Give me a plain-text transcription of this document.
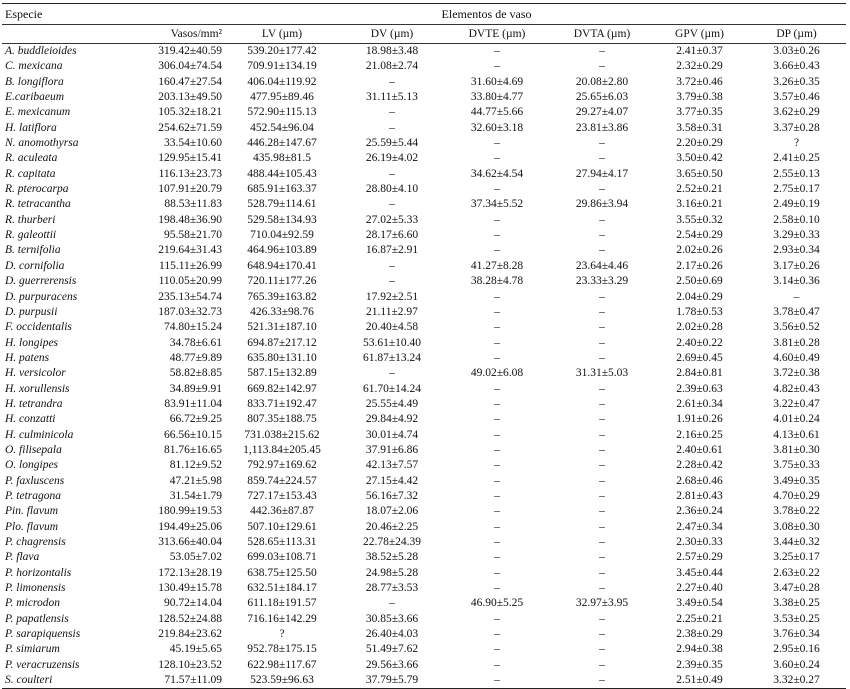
Especie	Elementos de vaso						
	Vasos/mm²	LV (µm)	DV (µm)	DVTE (µm)	DVTA (µm)	GPV (µm)	DP (µm)
A. buddleioides	319.42±40.59	539.20±177.42	18.98±3.48	–	–	2.41±0.37	3.03±0.26
C. mexicana	306.04±74.54	709.91±134.19	21.08±2.74	–	–	2.32±0.29	3.66±0.43
B. longiflora	160.47±27.54	406.04±119.92	–	31.60±4.69	20.08±2.80	3.72±0.46	3.26±0.35
E.caribaeum	203.13±49.50	477.95±89.46	31.11±5.13	33.80±4.77	25.65±6.03	3.79±0.38	3.57±0.46
E. mexicanum	105.32±18.21	572.90±115.13	–	44.77±5.66	29.27±4.07	3.77±0.35	3.62±0.29
H. latiflora	254.62±71.59	452.54±96.04	–	32.60±3.18	23.81±3.86	3.58±0.31	3.37±0.28
N. anomothyrsa	33.54±10.60	446.28±147.67	25.59±5.44	–	–	2.20±0.29	?
R. aculeata	129.95±15.41	435.98±81.5	26.19±4.02	–	–	3.50±0.42	2.41±0.25
R. capitata	116.13±23.73	488.44±105.43	–	34.62±4.54	27.94±4.17	3.65±0.50	2.55±0.13
R. pterocarpa	107.91±20.79	685.91±163.37	28.80±4.10	–	–	2.52±0.21	2.75±0.17
R. tetracantha	88.53±11.83	528.79±114.61	–	37.34±5.52	29.86±3.94	3.16±0.21	2.49±0.19
R. thurberi	198.48±36.90	529.58±134.93	27.02±5.33	–	–	3.55±0.32	2.58±0.10
R. galeottii	95.58±21.70	710.04±92.59	28.17±6.60	–	–	2.54±0.29	3.29±0.33
B. ternifolia	219.64±31.43	464.96±103.89	16.87±2.91	–	–	2.02±0.26	2.93±0.34
D. cornifolia	115.11±26.99	648.94±170.41	–	41.27±8.28	23.64±4.46	2.17±0.26	3.17±0.26
D. guerrerensis	110.05±20.99	720.11±177.26	–	38.28±4.78	23.33±3.29	2.50±0.69	3.14±0.36
D. purpuracens	235.13±54.74	765.39±163.82	17.92±2.51	–	–	2.04±0.29	–
D. purpusii	187.03±32.73	426.33±98.76	21.11±2.97	–	–	1.78±0.53	3.78±0.47
F. occidentalis	74.80±15.24	521.31±187.10	20.40±4.58	–	–	2.02±0.28	3.56±0.52
H. longipes	34.78±6.61	694.87±217.12	53.61±10.40	–	–	2.40±0.22	3.81±0.28
H. patens	48.77±9.89	635.80±131.10	61.87±13.24	–	–	2.69±0.45	4.60±0.49
H. versicolor	58.82±8.85	587.15±132.89	–	49.02±6.08	31.31±5.03	2.84±0.81	3.72±0.38
H. xorullensis	34.89±9.91	669.82±142.97	61.70±14.24	–	–	2.39±0.63	4.82±0.43
H. tetrandra	83.91±11.04	833.71±192.47	25.55±4.49	–	–	2.61±0.34	3.22±0.47
H. conzatti	66.72±9.25	807.35±188.75	29.84±4.92	–	–	1.91±0.26	4.01±0.24
H. culminicola	66.56±10.15	731.038±215.62	30.01±4.74	–	–	2.16±0.25	4.13±0.61
O. filisepala	81.76±16.65	1,113.84±205.45	37.91±6.86	–	–	2.40±0.61	3.81±0.30
O. longipes	81.12±9.52	792.97±169.62	42.13±7.57	–	–	2.28±0.42	3.75±0.33
P. faxluscens	47.21±5.98	859.74±224.57	27.15±4.42	–	–	2.68±0.46	3.49±0.35
P. tetragona	31.54±1.79	727.17±153.43	56.16±7.32	–	–	2.81±0.43	4.70±0.29
Pin. flavum	180.99±19.53	442.36±87.87	18.07±2.06	–	–	2.36±0.24	3.78±0.22
Plo. flavum	194.49±25.06	507.10±129.61	20.46±2.25	–	–	2.47±0.34	3.08±0.30
P. chagrensis	313.66±40.04	528.65±113.31	22.78±24.39	–	–	2.30±0.33	3.44±0.32
P. flava	53.05±7.02	699.03±108.71	38.52±5.28	–	–	2.57±0.29	3.25±0.17
P. horizontalis	172.13±28.19	638.75±125.50	24.98±5.28	–	–	3.45±0.44	2.63±0.22
P. limonensis	130.49±15.78	632.51±184.17	28.77±3.53	–	–	2.27±0.40	3.47±0.28
P. microdon	90.72±14.04	611.18±191.57	–	46.90±5.25	32.97±3.95	3.49±0.54	3.38±0.25
P. papatlensis	128.52±24.88	716.16±142.29	30.85±3.66	–	–	2.25±0.21	3.53±0.25
P. sarapiquensis	219.84±23.62	?	26.40±4.03	–	–	2.38±0.29	3.76±0.34
P. simiarum	45.19±5.65	952.78±175.15	51.49±7.62	–	–	2.94±0.38	2.95±0.16
P. veracruzensis	128.10±23.52	622.98±117.67	29.56±3.66	–	–	2.39±0.35	3.60±0.24
S. coulteri	71.57±11.09	523.59±96.63	37.79±5.79	–	–	2.51±0.49	3.32±0.27
